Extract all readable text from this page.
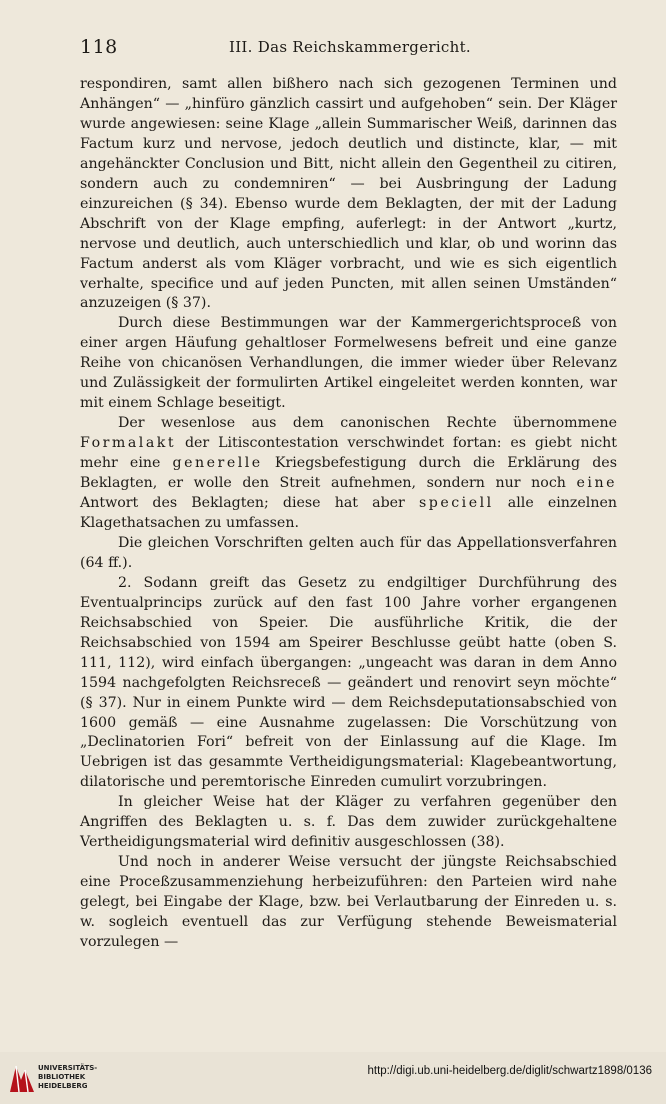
118	III. Das Reichskammergericht.

respondiren, samt allen bißhero nach sich gezogenen Terminen und Anhängen“ — „hinfüro gänzlich cassirt und aufgehoben“ sein. Der Kläger wurde angewiesen: seine Klage „allein Summarischer Weiß, darinnen das Factum kurz und nervose, jedoch deutlich und distincte, klar, — mit angehänckter Conclusion und Bitt, nicht allein den Gegentheil zu citiren, sondern auch zu condemniren“ — bei Ausbringung der Ladung einzureichen (§ 34). Ebenso wurde dem Beklagten, der mit der Ladung Abschrift von der Klage empfing, auferlegt: in der Antwort „kurtz, nervose und deutlich, auch unterschiedlich und klar, ob und worinn das Factum anderst als vom Kläger vorbracht, und wie es sich eigentlich verhalte, specifice und auf jeden Puncten, mit allen seinen Umständen“ anzuzeigen (§ 37).

Durch diese Bestimmungen war der Kammergerichtsproceß von einer argen Häufung gehaltloser Formelwesens befreit und eine ganze Reihe von chicanösen Verhandlungen, die immer wieder über Relevanz und Zulässigkeit der formulirten Artikel eingeleitet werden konnten, war mit einem Schlage beseitigt.

Der wesenlose aus dem canonischen Rechte übernommene Formalakt der Litiscontestation verschwindet fortan: es giebt nicht mehr eine generelle Kriegsbefestigung durch die Erklärung des Beklagten, er wolle den Streit aufnehmen, sondern nur noch eine Antwort des Beklagten; diese hat aber speciell alle einzelnen Klagethatsachen zu umfassen.

Die gleichen Vorschriften gelten auch für das Appellationsverfahren (64 ff.).

2. Sodann greift das Gesetz zu endgiltiger Durchführung des Eventualprincips zurück auf den fast 100 Jahre vorher ergangenen Reichsabschied von Speier. Die ausführliche Kritik, die der Reichsabschied von 1594 am Speirer Beschlusse geübt hatte (oben S. 111, 112), wird einfach übergangen: „ungeacht was daran in dem Anno 1594 nachgefolgten Reichsreceß — geändert und renovirt seyn möchte“ (§ 37). Nur in einem Punkte wird — dem Reichsdeputationsabschied von 1600 gemäß — eine Ausnahme zugelassen: Die Vorschützung von „Declinatorien Fori“ befreit von der Einlassung auf die Klage. Im Uebrigen ist das gesammte Vertheidigungsmaterial: Klagebeantwortung, dilatorische und peremtorische Einreden cumulirt vorzubringen.

In gleicher Weise hat der Kläger zu verfahren gegenüber den Angriffen des Beklagten u. s. f. Das dem zuwider zurückgehaltene Vertheidigungsmaterial wird definitiv ausgeschlossen (38).

Und noch in anderer Weise versucht der jüngste Reichsabschied eine Proceßzusammenziehung herbeizuführen: den Parteien wird nahe gelegt, bei Eingabe der Klage, bzw. bei Verlautbarung der Einreden u. s. w. sogleich eventuell das zur Verfügung stehende Beweismaterial vorzulegen —

UNIVERSITÄTS-
BIBLIOTHEK
HEIDELBERG
http://digi.ub.uni-heidelberg.de/diglit/schwartz1898/0136
